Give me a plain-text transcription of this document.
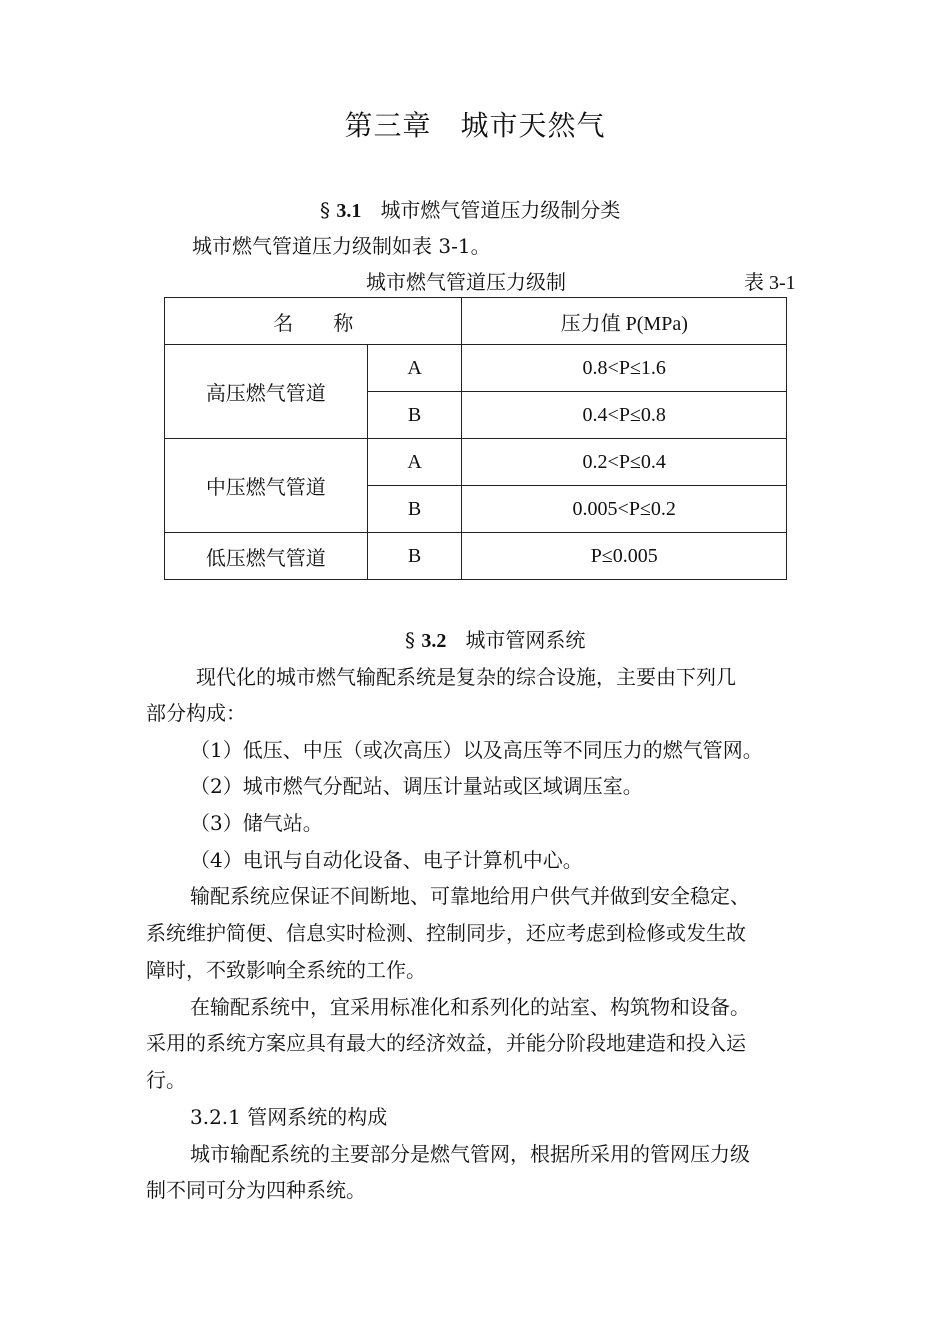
第三章　城市天然气
§ 3.1 城市燃气管道压力级制分类
城市燃气管道压力级制如表 3-1。
城市燃气管道压力级制	表 3-1
名　　称		压力值 P(MPa)
高压燃气管道	A	0.8<P≤1.6
	B	0.4<P≤0.8
中压燃气管道	A	0.2<P≤0.4
	B	0.005<P≤0.2
低压燃气管道	B	P≤0.005
§ 3.2 城市管网系统
现代化的城市燃气输配系统是复杂的综合设施，主要由下列几
部分构成：
（1）低压、中压（或次高压）以及高压等不同压力的燃气管网。
（2）城市燃气分配站、调压计量站或区域调压室。
（3）储气站。
（4）电讯与自动化设备、电子计算机中心。
输配系统应保证不间断地、可靠地给用户供气并做到安全稳定、
系统维护简便、信息实时检测、控制同步，还应考虑到检修或发生故
障时，不致影响全系统的工作。
在输配系统中，宜采用标准化和系列化的站室、构筑物和设备。
采用的系统方案应具有最大的经济效益，并能分阶段地建造和投入运
行。
3.2.1 管网系统的构成
城市输配系统的主要部分是燃气管网，根据所采用的管网压力级
制不同可分为四种系统。
